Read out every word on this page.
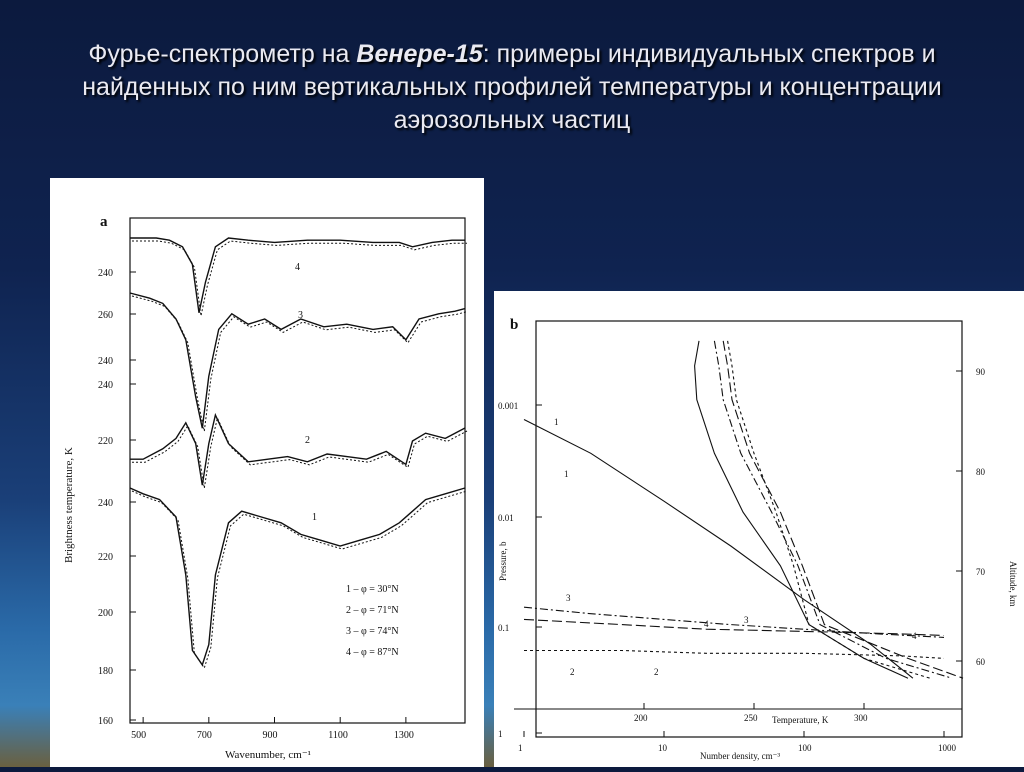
Фурье-спектрометр на Венере-15: примеры индивидуальных спектров и найденных по ним вертикальных профилей температуры и концентрации аэрозольных частиц
a
Brightness temperature, K
Wavenumber, cm⁻¹
240
260
240
240
220
240
220
200
180
160
500	700	900	1100	1300
4
3
2
1
1 – φ = 30°N
2 – φ = 71°N
3 – φ = 74°N
4 – φ = 87°N
b
Pressure, b	Altitude, km
Temperature, K
Number density, cm⁻³
0.001
0.01
0.1
1
90
80
70
60
200	250	300
1	10	100	1000
1
1
2	2
3
3
4
4
